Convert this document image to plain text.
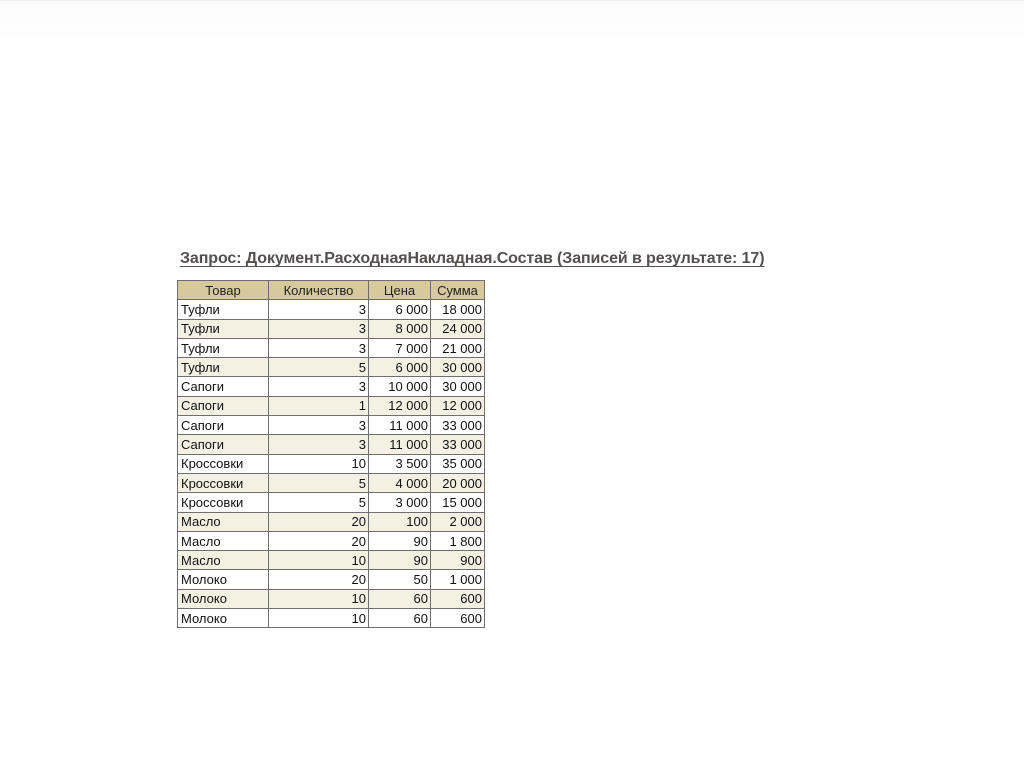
Запрос: Документ.РасходнаяНакладная.Состав (Записей в результате: 17)
Товар	Количество	Цена	Сумма
Туфли	3	6 000	18 000
Туфли	3	8 000	24 000
Туфли	3	7 000	21 000
Туфли	5	6 000	30 000
Сапоги	3	10 000	30 000
Сапоги	1	12 000	12 000
Сапоги	3	11 000	33 000
Сапоги	3	11 000	33 000
Кроссовки	10	3 500	35 000
Кроссовки	5	4 000	20 000
Кроссовки	5	3 000	15 000
Масло	20	100	2 000
Масло	20	90	1 800
Масло	10	90	900
Молоко	20	50	1 000
Молоко	10	60	600
Молоко	10	60	600
